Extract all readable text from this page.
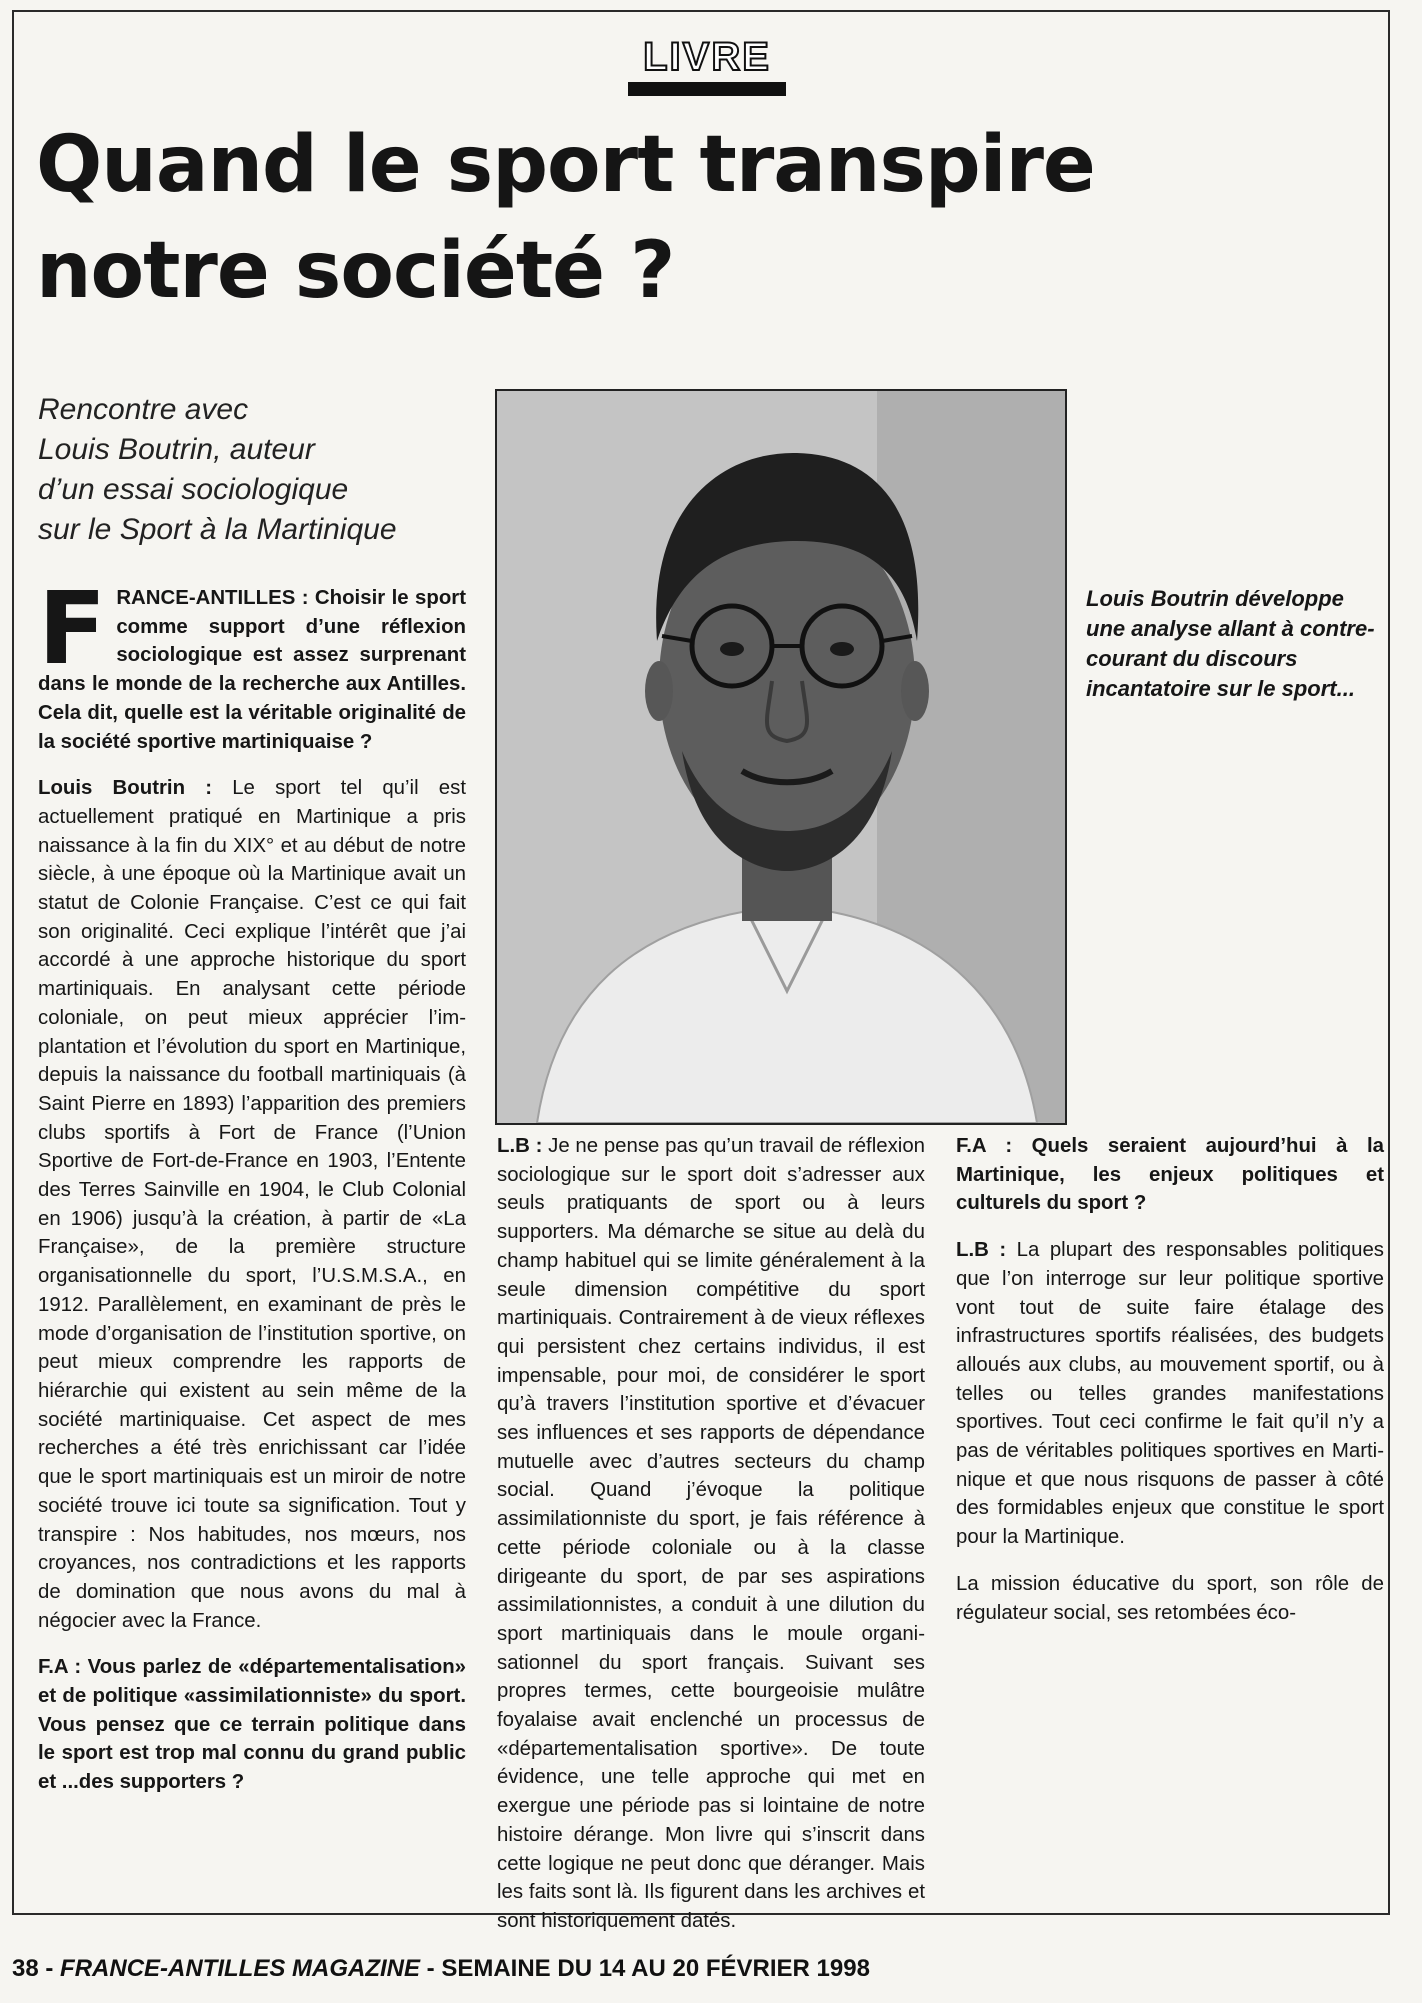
LIVRE
Quand le sport transpire
notre société ?

Rencontre avec
Louis Boutrin, auteur
d’un essai sociologique
sur le Sport à la Martinique

Louis Boutrin développe une analyse allant à contre-courant du discours incantatoire sur le sport...

FRANCE-ANTILLES : Choisir le sport comme support d’une réflexion sociologique est assez surprenant dans le monde de la recherche aux Antilles. Cela dit, quelle est la véritable originalité de la société sportive martiniquaise ?

Louis Boutrin : Le sport tel qu’il est actuellement pratiqué en Martinique a pris naissance à la fin du XIX° et au début de notre siècle, à une époque où la Martinique avait un statut de Colonie Française. C’est ce qui fait son originalité. Ceci explique l’intérêt que j’ai accordé à une approche historique du sport martiniquais. En analysant cette période coloniale, on peut mieux apprécier l’implantation et l’évolution du sport en Martinique, depuis la naissance du football martiniquais (à Saint Pierre en 1893) l’apparition des premiers clubs sportifs à Fort de France (l’Union Sportive de Fort-de-France en 1903, l’Entente des Terres Sainville en 1904, le Club Colonial en 1906) jusqu’à la création, à partir de «La Française», de la première structure organisationnelle du sport, l’U.S.M.S.A., en 1912. Parallèlement, en examinant de près le mode d’organisation de l’institution sportive, on peut mieux comprendre les rapports de hiérarchie qui existent au sein même de la société martiniquaise. Cet aspect de mes recherches a été très enrichissant car l’idée que le sport martiniquais est un miroir de notre société trouve ici toute sa signification. Tout y transpire : Nos habitudes, nos mœurs, nos croyances, nos contradictions et les rapports de domination que nous avons du mal à négocier avec la France.

F.A : Vous parlez de «départementalisation» et de politique «assimilationniste» du sport. Vous pensez que ce terrain politique dans le sport est trop mal connu du grand public et ...des supporters ?

L.B : Je ne pense pas qu’un travail de réflexion sociologique sur le sport doit s’adresser aux seuls pratiquants de sport ou à leurs supporters. Ma démarche se situe au delà du champ habituel qui se limite généralement à la seule dimension compétitive du sport martiniquais. Contrairement à de vieux réflexes qui persistent chez certains individus, il est impensable, pour moi, de considérer le sport qu’à travers l’institution sportive et d’évacuer ses influences et ses rapports de dépendance mutuelle avec d’autres secteurs du champ social. Quand j’évoque la politique assimilationniste du sport, je fais référence à cette période coloniale ou à la classe dirigeante du sport, de par ses aspirations assimilationnistes, a conduit à une dilution du sport martiniquais dans le moule organisationnel du sport français. Suivant ses propres termes, cette bourgeoisie mulâtre foyalaise avait enclenché un processus de «départementalisation sportive». De toute évidence, une telle approche qui met en exergue une période pas si lointaine de notre histoire dérange. Mon livre qui s’inscrit dans cette logique ne peut donc que déranger. Mais les faits sont là. Ils figurent dans les archives et sont historiquement datés.

F.A : Quels seraient aujourd’hui à la Martinique, les enjeux politiques et culturels du sport ?

L.B : La plupart des responsables politiques que l’on interroge sur leur politique sportive vont tout de suite faire étalage des infrastructures sportifs réalisées, des budgets alloués aux clubs, au mouvement sportif, ou à telles ou telles grandes manifestations sportives. Tout ceci confirme le fait qu’il n’y a pas de véritables politiques sportives en Martinique et que nous risquons de passer à côté des formidables enjeux que constitue le sport pour la Martinique.

La mission éducative du sport, son rôle de régulateur social, ses retombées éco-

38 - FRANCE-ANTILLES MAGAZINE - SEMAINE DU 14 AU 20 FÉVRIER 1998
